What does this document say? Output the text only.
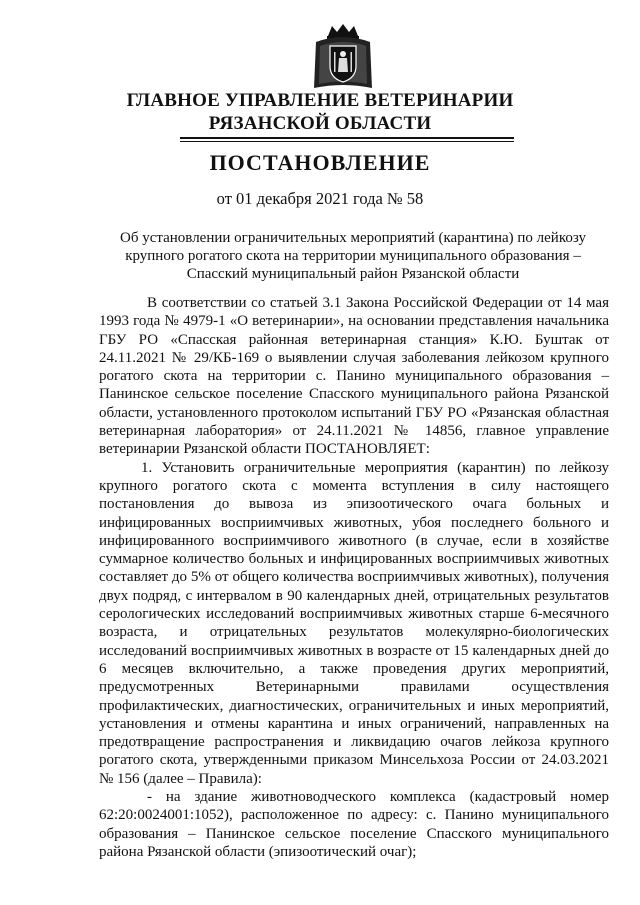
ГЛАВНОЕ УПРАВЛЕНИЕ ВЕТЕРИНАРИИ
РЯЗАНСКОЙ ОБЛАСТИ
ПОСТАНОВЛЕНИЕ
от 01 декабря 2021 года № 58
Об установлении ограничительных мероприятий (карантина) по лейкозу крупного рогатого скота на территории муниципального образования – Спасский муниципальный район Рязанской области

В соответствии со статьей 3.1 Закона Российской Федерации от 14 мая 1993 года № 4979-1 «О ветеринарии», на основании представления начальника ГБУ РО «Спасская районная ветеринарная станция» К.Ю. Буштак от 24.11.2021 № 29/КБ-169 о выявлении случая заболевания лейкозом крупного рогатого скота на территории с. Панино муниципального образования – Панинское сельское поселение Спасского муниципального района Рязанской области, установленного протоколом испытаний ГБУ РО «Рязанская областная ветеринарная лаборатория» от 24.11.2021 № 14856, главное управление ветеринарии Рязанской области ПОСТАНОВЛЯЕТ:

1. Установить ограничительные мероприятия (карантин) по лейкозу крупного рогатого скота с момента вступления в силу настоящего постановления до вывоза из эпизоотического очага больных и инфицированных восприимчивых животных, убоя последнего больного и инфицированного восприимчивого животного (в случае, если в хозяйстве суммарное количество больных и инфицированных восприимчивых животных составляет до 5% от общего количества восприимчивых животных), получения двух подряд, с интервалом в 90 календарных дней, отрицательных результатов серологических исследований восприимчивых животных старше 6-месячного возраста, и отрицательных результатов молекулярно-биологических исследований восприимчивых животных в возрасте от 15 календарных дней до 6 месяцев включительно, а также проведения других мероприятий, предусмотренных Ветеринарными правилами осуществления профилактических, диагностических, ограничительных и иных мероприятий, установления и отмены карантина и иных ограничений, направленных на предотвращение распространения и ликвидацию очагов лейкоза крупного рогатого скота, утвержденными приказом Минсельхоза России от 24.03.2021 № 156 (далее – Правила):

- на здание животноводческого комплекса (кадастровый номер 62:20:0024001:1052), расположенное по адресу: с. Панино муниципального образования – Панинское сельское поселение Спасского муниципального района Рязанской области (эпизоотический очаг);
